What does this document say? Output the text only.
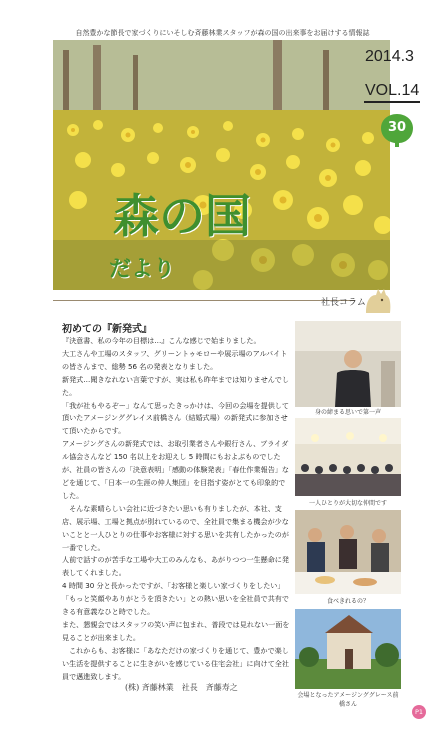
自然豊かな節長で家づくりにいそしむ斉藤林業スタッフが森の国の出来事をお届けする情報誌
森の国
だより
2014.3
VOL.14
30
社長コラム
初めての『新発式』

『決意書、私の今年の目標は…』こんな感じで始まりました。

大工さんや工場のスタッフ、グリーントゥモローや展示場のアルバイトの皆さんまで、総勢 56 名の発表となりました。

新発式…聞きなれない言葉ですが、実は私も昨年までは知りませんでした。

「我が社もやるぞー」なんて思ったきっかけは、今回の会場を提供して頂いたアメージンググレイス前橋さん（結婚式場）の新発式に参加させて頂いたからです。

アメージングさんの新発式では、お取引業者さんや銀行さん、ブライダル協会さんなど 150 名以上をお迎えし 5 時間にもおよぶものでしたが、社員の皆さんの「決意表明」「感動の体験発表」「春仕作業報告」などを通じて、「日本一の生涯の仲人集団」を目指す姿がとても印象的でした。

　そんな素晴らしい会社に近づきたい思いも有りましたが、本社、支店、展示場、工場と拠点が別れているので、全社員で集まる機会が少ないことと一人ひとりの仕事やお客様に対する思いを共有したかったのが一番でした。

人前で話すのが苦手な工場や大工のみんなも、あがりつつ一生懸命に発表してくれました。

4 時間 30 分と長かったですが、「お客様と楽しい家づくりをしたい」「もっと笑顔やありがとうを頂きたい」との熱い思いを全社員で共有できる有意義なひと時でした。

また、懇親会ではスタッフの笑い声に包まれ、普段では見れない一面を見ることが出来ました。

　これからも、お客様に「あなただけの家づくりを通じて、豊かで楽しい生活を提供することに生きがいを感じている住宅会社」に向けて全社員で邁進致します。

(株) 斉藤林業　社長　斉藤寿之
身の締まる思いで第一声
一人ひとりが大切な仲間です
食べきれるの？
会場となったアメージンググレース前橋さん
P1
